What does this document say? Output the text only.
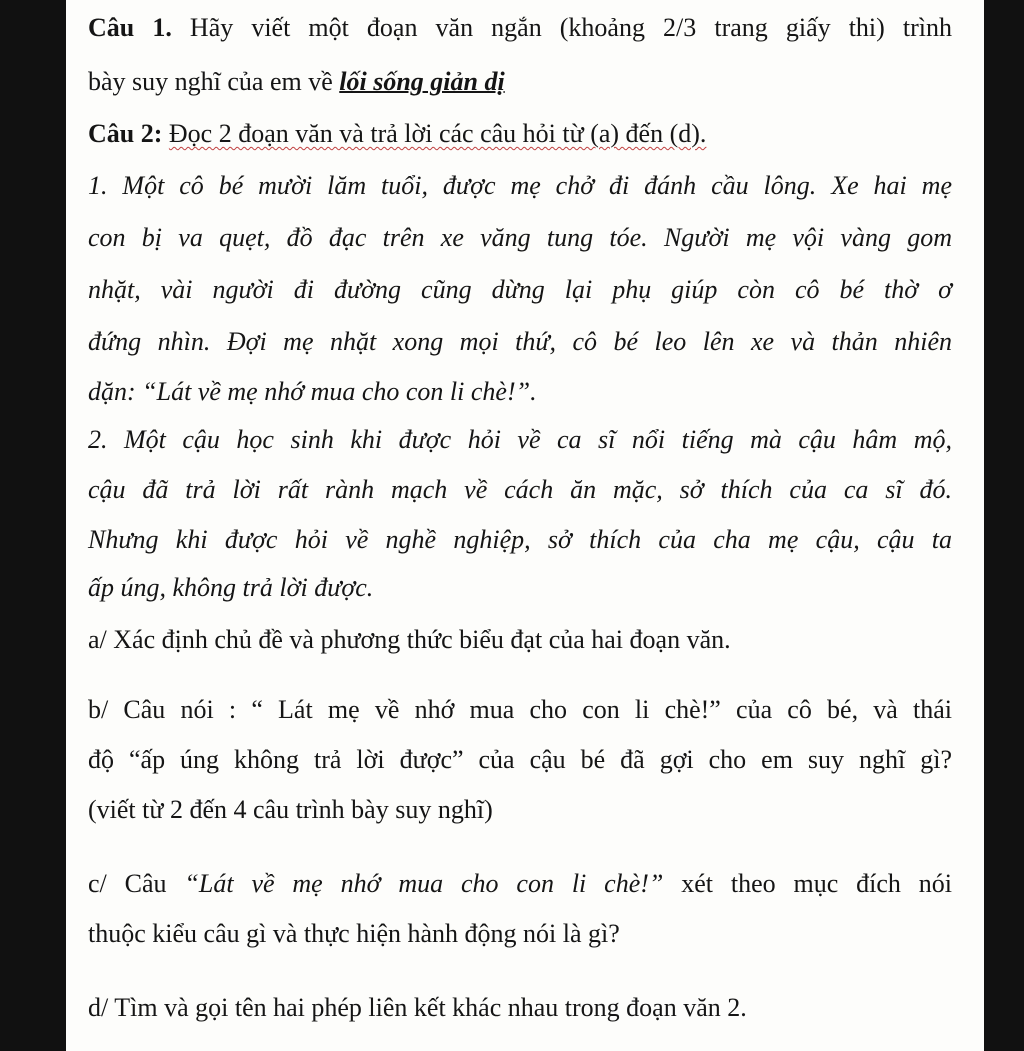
Câu 1. Hãy viết một đoạn văn ngắn (khoảng 2/3 trang giấy thi) trình
bày suy nghĩ của em về lối sống giản dị
Câu 2: Đọc 2 đoạn văn và trả lời các câu hỏi từ (a) đến (d).
1. Một cô bé mười lăm tuổi, được mẹ chở đi đánh cầu lông. Xe hai mẹ
con bị va quẹt, đồ đạc trên xe văng tung tóe. Người mẹ vội vàng gom
nhặt, vài người đi đường cũng dừng lại phụ giúp còn cô bé thờ ơ
đứng nhìn. Đợi mẹ nhặt xong mọi thứ, cô bé leo lên xe và thản nhiên
dặn: “Lát về mẹ nhớ mua cho con li chè!”.
2. Một cậu học sinh khi được hỏi về ca sĩ nổi tiếng mà cậu hâm mộ,
cậu đã trả lời rất rành mạch về cách ăn mặc, sở thích của ca sĩ đó.
Nhưng khi được hỏi về nghề nghiệp, sở thích của cha mẹ cậu, cậu ta
ấp úng, không trả lời được.
a/ Xác định chủ đề và phương thức biểu đạt của hai đoạn văn.
b/ Câu nói : “ Lát mẹ về nhớ mua cho con li chè!” của cô bé, và thái
độ “ấp úng không trả lời được” của cậu bé đã gợi cho em suy nghĩ gì?
(viết từ 2 đến 4 câu trình bày suy nghĩ)
c/ Câu “Lát về mẹ nhớ mua cho con li chè!” xét theo mục đích nói
thuộc kiểu câu gì và thực hiện hành động nói là gì?
d/ Tìm và gọi tên hai phép liên kết khác nhau trong đoạn văn 2.
